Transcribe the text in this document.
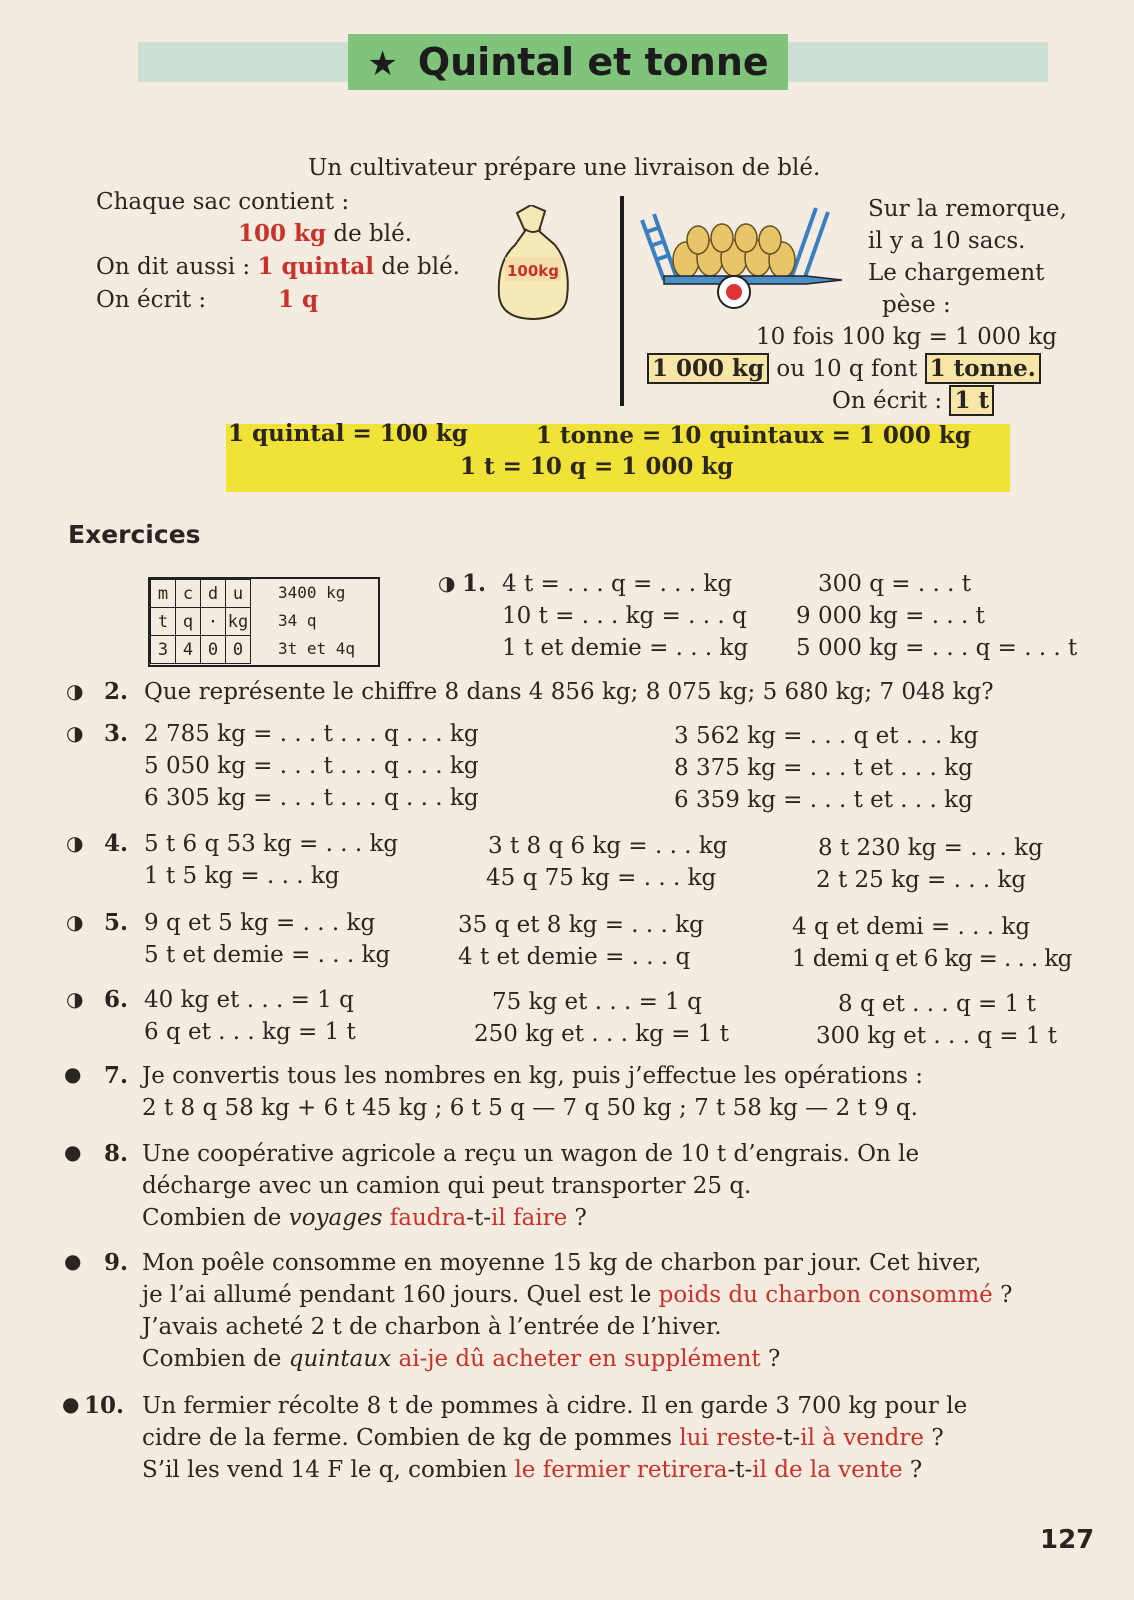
★ Quintal et tonne
Un cultivateur prépare une livraison de blé.
Chaque sac contient :
100 kg de blé.
On dit aussi : 1 quintal de blé.
On écrit :	1 q
100kg
Sur la remorque,
il y a 10 sacs.
Le chargement
pèse :
10 fois 100 kg = 1 000 kg
1 000 kg ou 10 q font 1 tonne.
On écrit : 1 t
1 quintal = 100 kg	1 tonne = 10 quintaux = 1 000 kg
1 t = 10 q = 1 000 kg
Exercices
m	c	d	u
t	q	·	kg
3	4	0	0
3400 kg
34 q
3t et 4q
◑ 1. 4 t = . . . q = . . . kg
10 t = . . . kg = . . . q
1 t et demie = . . . kg
300 q = . . . t
9 000 kg = . . . t
5 000 kg = . . . q = . . . t
◑ 2. Que représente le chiffre 8 dans 4 856 kg; 8 075 kg; 5 680 kg; 7 048 kg?
◑ 3. 2 785 kg = . . . t . . . q . . . kg
5 050 kg = . . . t . . . q . . . kg
6 305 kg = . . . t . . . q . . . kg
3 562 kg = . . . q et . . . kg
8 375 kg = . . . t et . . . kg
6 359 kg = . . . t et . . . kg
◑ 4. 5 t 6 q 53 kg = . . . kg
1 t 5 kg = . . . kg
3 t 8 q 6 kg = . . . kg
45 q 75 kg = . . . kg
8 t 230 kg = . . . kg
2 t 25 kg = . . . kg
◑ 5. 9 q et 5 kg = . . . kg
5 t et demie = . . . kg
35 q et 8 kg = . . . kg
4 t et demie = . . . q
4 q et demi = . . . kg
1 demi q et 6 kg = . . . kg
◑ 6. 40 kg et . . . = 1 q
6 q et . . . kg = 1 t
75 kg et . . . = 1 q
250 kg et . . . kg = 1 t
8 q et . . . q = 1 t
300 kg et . . . q = 1 t
● 7. Je convertis tous les nombres en kg, puis j’effectue les opérations :
2 t 8 q 58 kg + 6 t 45 kg ; 6 t 5 q — 7 q 50 kg ; 7 t 58 kg — 2 t 9 q.
● 8. Une coopérative agricole a reçu un wagon de 10 t d’engrais. On le
décharge avec un camion qui peut transporter 25 q.
Combien de voyages faudra-t-il faire ?
● 9. Mon poêle consomme en moyenne 15 kg de charbon par jour. Cet hiver,
je l’ai allumé pendant 160 jours. Quel est le poids du charbon consommé ?
J’avais acheté 2 t de charbon à l’entrée de l’hiver.
Combien de quintaux ai-je dû acheter en supplément ?
● 10. Un fermier récolte 8 t de pommes à cidre. Il en garde 3 700 kg pour le
cidre de la ferme. Combien de kg de pommes lui reste-t-il à vendre ?
S’il les vend 14 F le q, combien le fermier retirera-t-il de la vente ?
127
